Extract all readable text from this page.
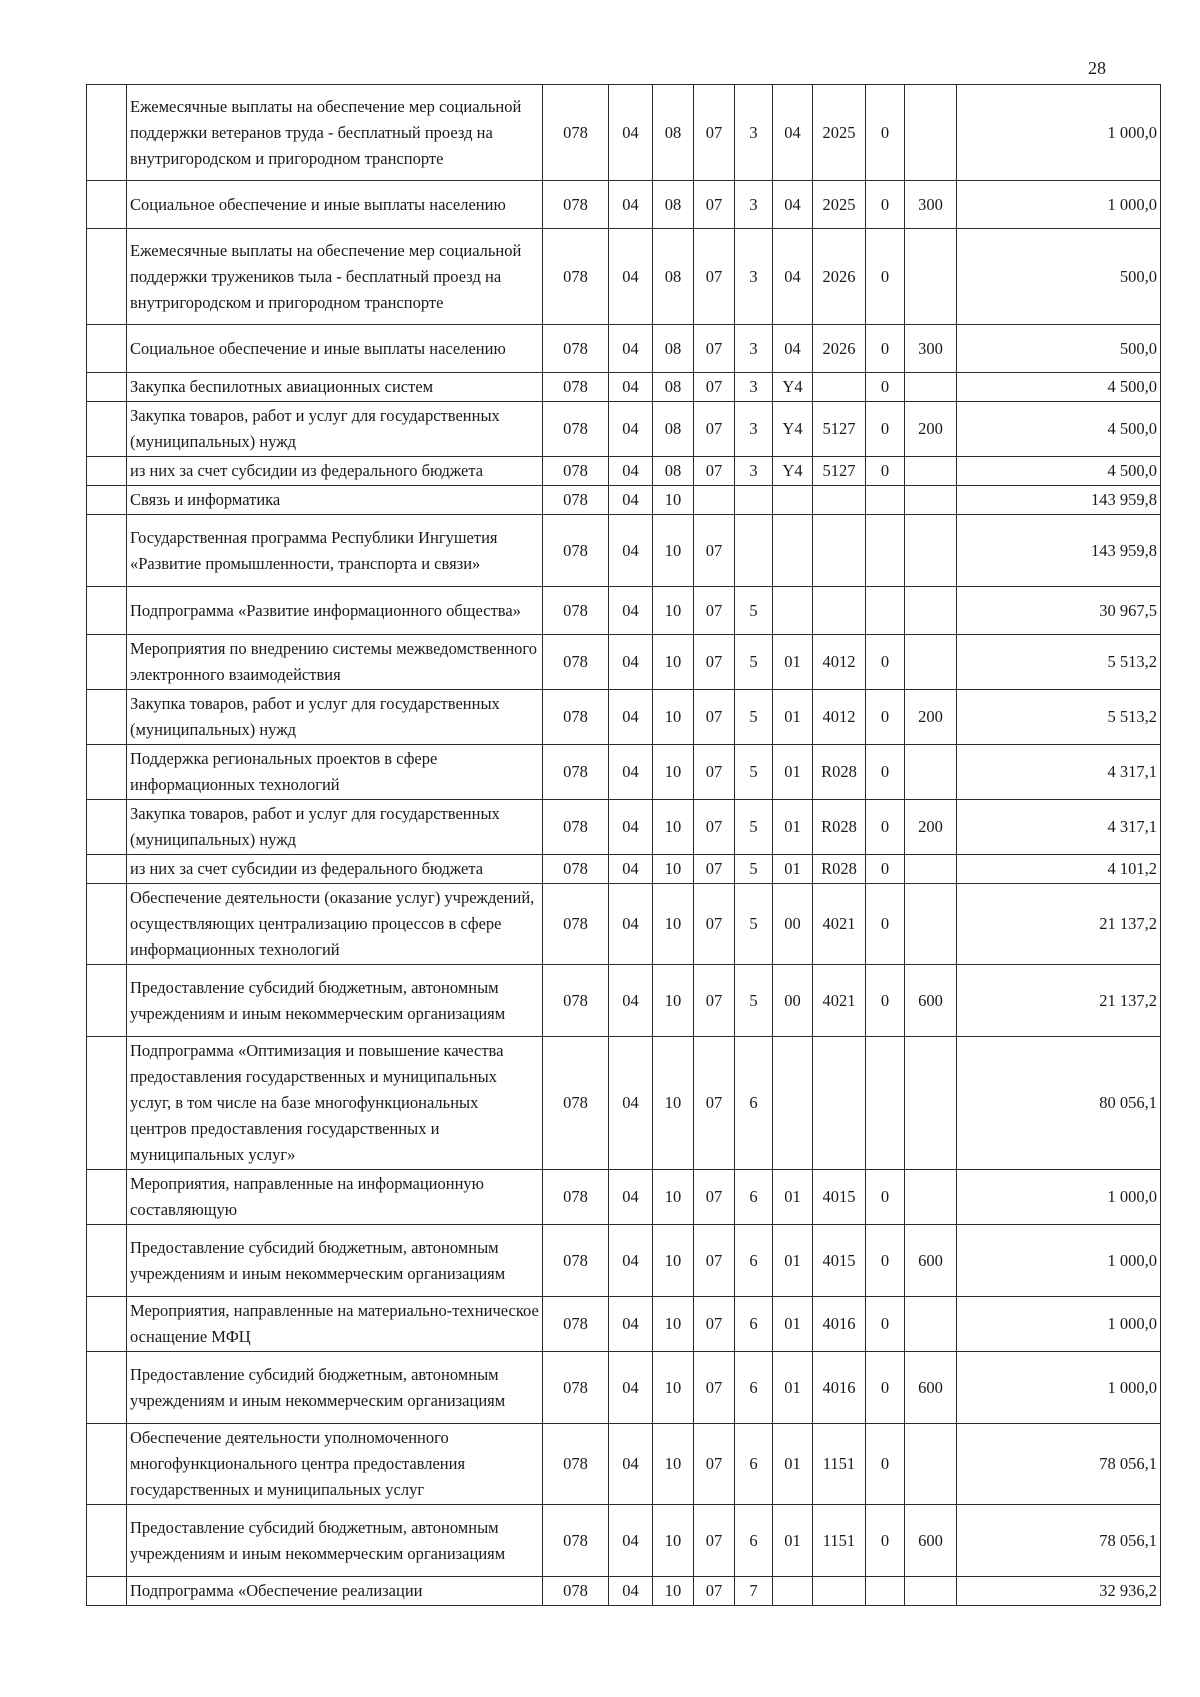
28
	Ежемесячные выплаты на обеспечение мер социальной поддержки ветеранов труда - бесплатный проезд на внутригородском и пригородном транспорте	078	04	08	07	3	04	2025	0		1 000,0
	Социальное обеспечение и иные выплаты населению	078	04	08	07	3	04	2025	0	300	1 000,0
	Ежемесячные выплаты на обеспечение мер социальной поддержки тружеников тыла - бесплатный проезд на внутригородском и пригородном транспорте	078	04	08	07	3	04	2026	0		500,0
	Социальное обеспечение и иные выплаты населению	078	04	08	07	3	04	2026	0	300	500,0
	Закупка беспилотных авиационных систем	078	04	08	07	3	Y4		0		4 500,0
	Закупка товаров, работ и услуг для государственных (муниципальных) нужд	078	04	08	07	3	Y4	5127	0	200	4 500,0
	из них за счет субсидии из федерального бюджета	078	04	08	07	3	Y4	5127	0		4 500,0
	Связь и информатика	078	04	10							143 959,8
	Государственная программа Республики Ингушетия «Развитие промышленности, транспорта и связи»	078	04	10	07						143 959,8
	Подпрограмма «Развитие информационного общества»	078	04	10	07	5					30 967,5
	Мероприятия по внедрению системы межведомственного электронного взаимодействия	078	04	10	07	5	01	4012	0		5 513,2
	Закупка товаров, работ и услуг для государственных (муниципальных) нужд	078	04	10	07	5	01	4012	0	200	5 513,2
	Поддержка региональных проектов в сфере информационных технологий	078	04	10	07	5	01	R028	0		4 317,1
	Закупка товаров, работ и услуг для государственных (муниципальных) нужд	078	04	10	07	5	01	R028	0	200	4 317,1
	из них за счет субсидии из федерального бюджета	078	04	10	07	5	01	R028	0		4 101,2
	Обеспечение деятельности (оказание услуг) учреждений, осуществляющих централизацию процессов в сфере информационных технологий	078	04	10	07	5	00	4021	0		21 137,2
	Предоставление субсидий бюджетным, автономным учреждениям и иным некоммерческим организациям	078	04	10	07	5	00	4021	0	600	21 137,2
	Подпрограмма «Оптимизация и повышение качества предоставления государственных и муниципальных услуг, в том числе на базе многофункциональных центров предоставления государственных и муниципальных услуг»	078	04	10	07	6					80 056,1
	Мероприятия, направленные на информационную составляющую	078	04	10	07	6	01	4015	0		1 000,0
	Предоставление субсидий бюджетным, автономным учреждениям и иным некоммерческим организациям	078	04	10	07	6	01	4015	0	600	1 000,0
	Мероприятия, направленные на материально-техническое оснащение МФЦ	078	04	10	07	6	01	4016	0		1 000,0
	Предоставление субсидий бюджетным, автономным учреждениям и иным некоммерческим организациям	078	04	10	07	6	01	4016	0	600	1 000,0
	Обеспечение деятельности уполномоченного многофункционального центра предоставления государственных и муниципальных услуг	078	04	10	07	6	01	1151	0		78 056,1
	Предоставление субсидий бюджетным, автономным учреждениям и иным некоммерческим организациям	078	04	10	07	6	01	1151	0	600	78 056,1
	Подпрограмма «Обеспечение реализации	078	04	10	07	7					32 936,2
